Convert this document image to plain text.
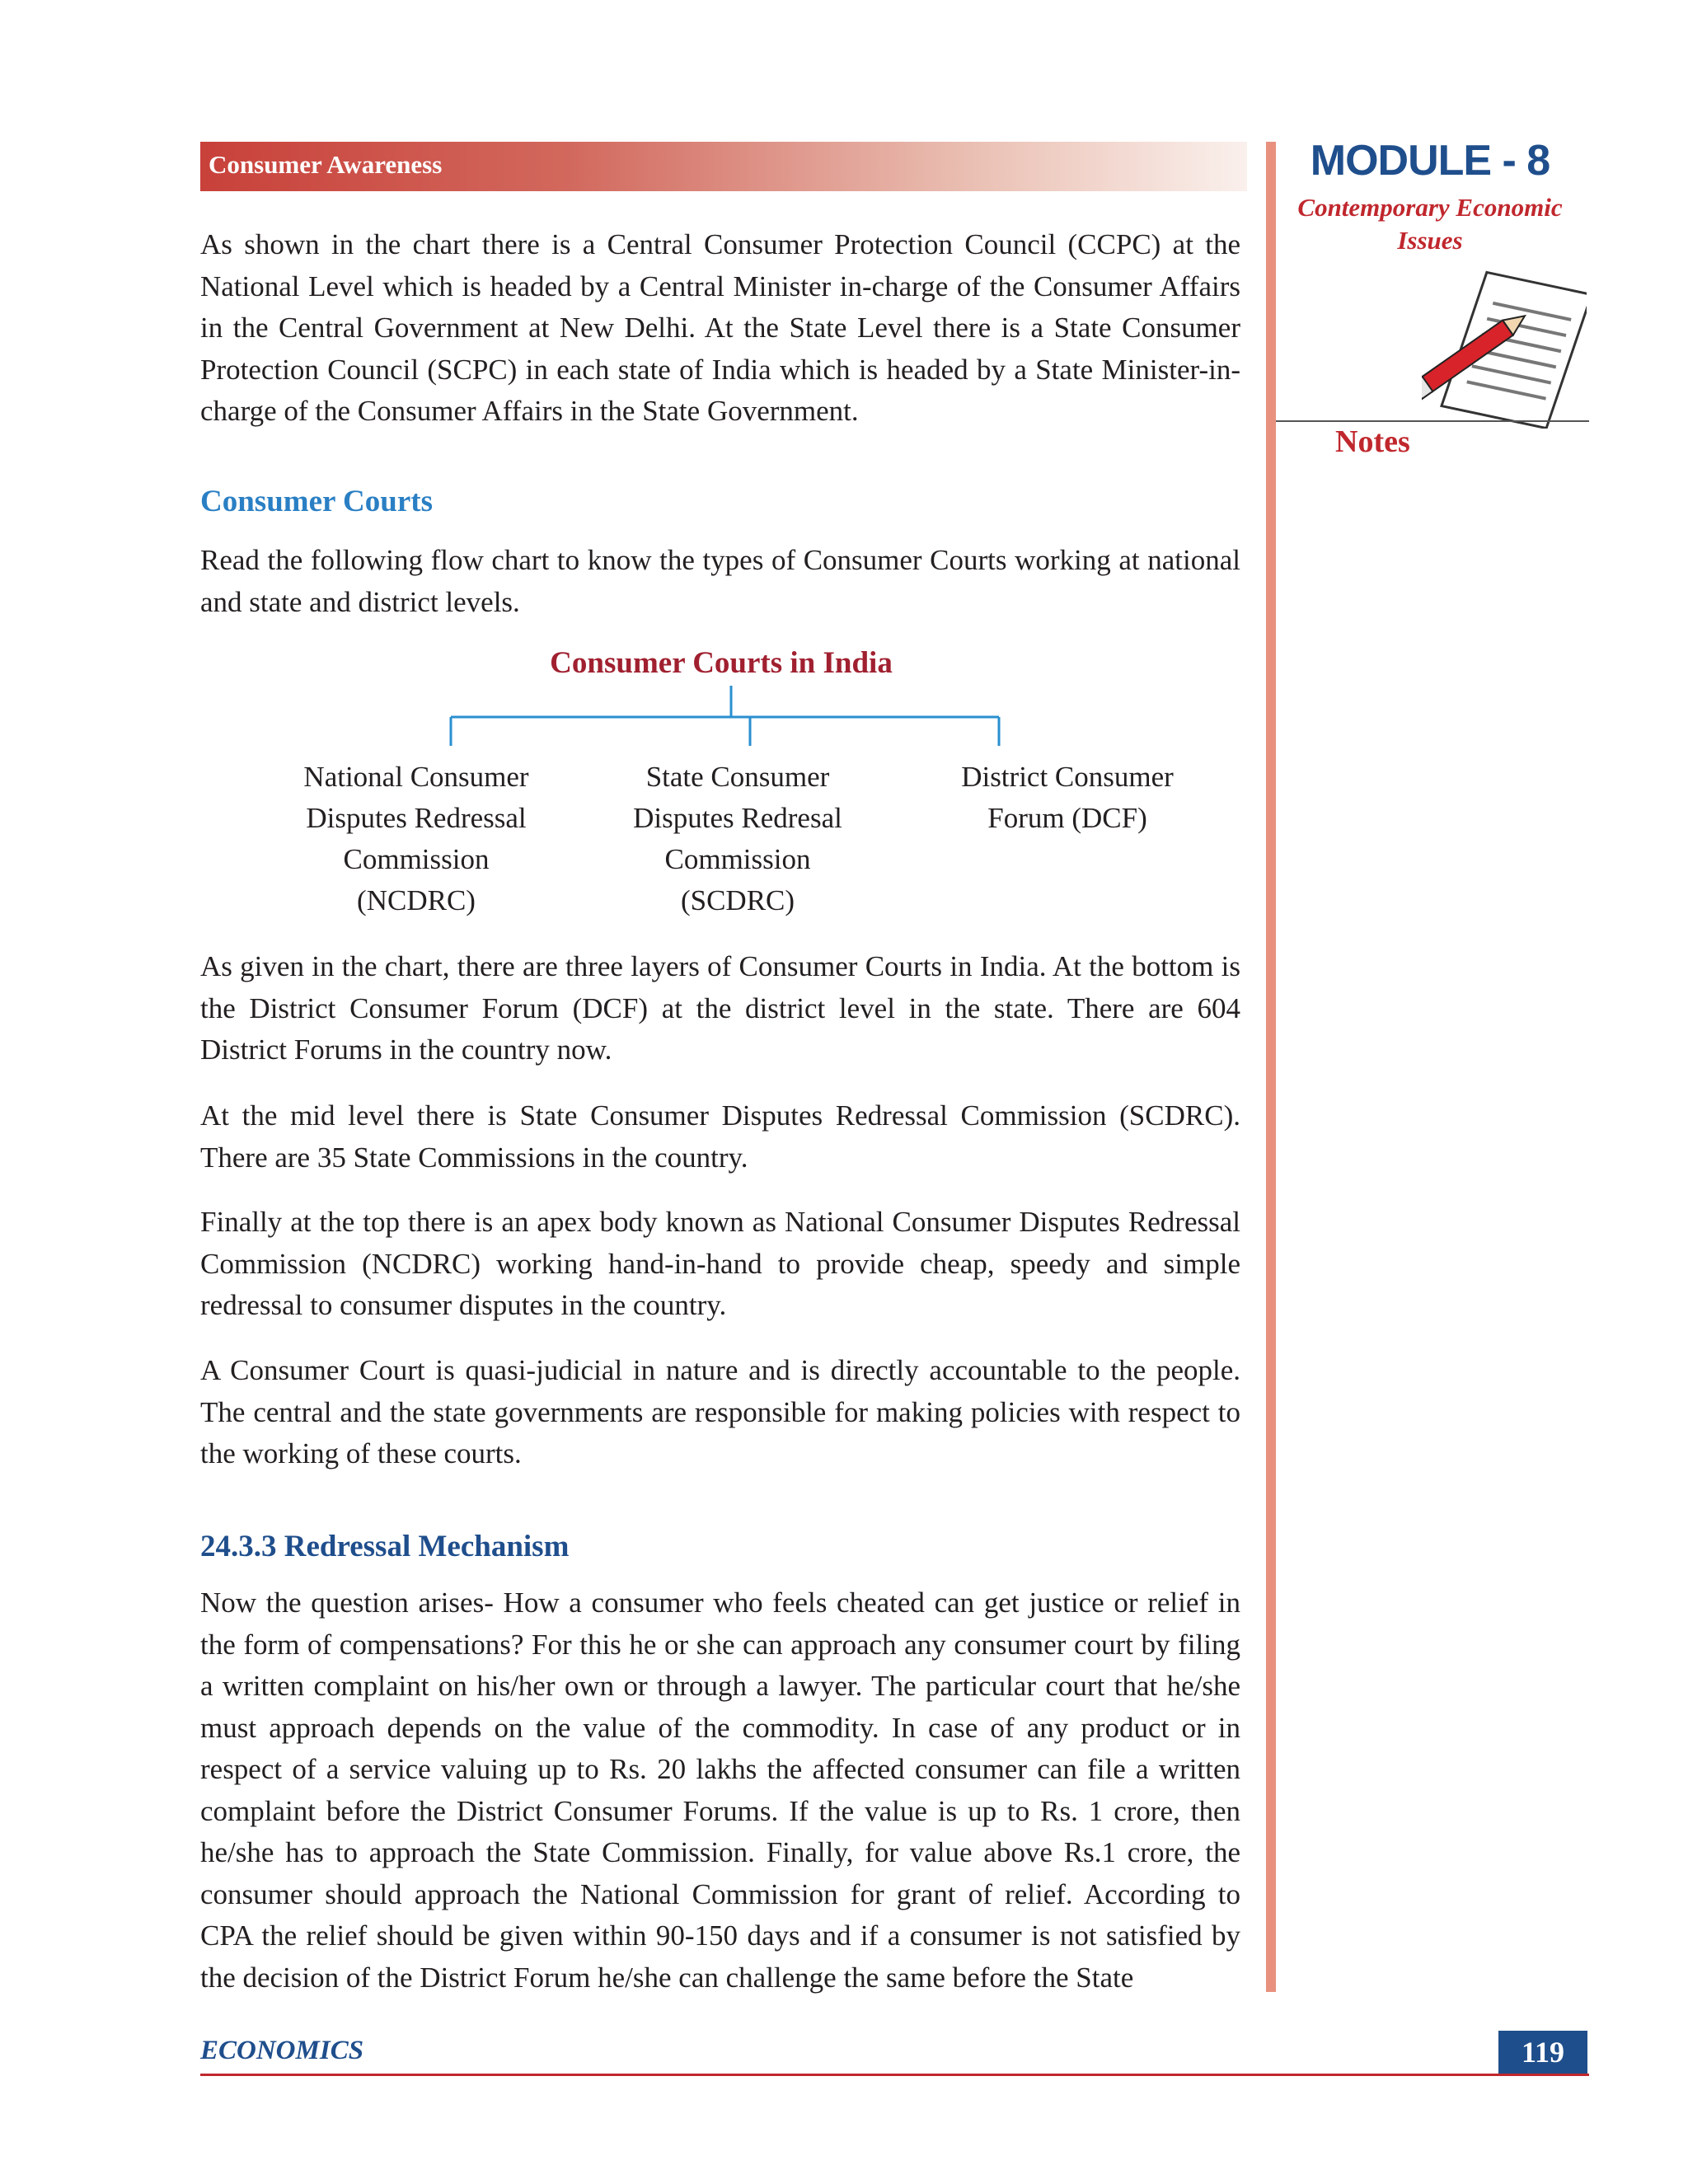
Consumer Awareness	MODULE - 8
Contemporary Economic Issues
Notes

As shown in the chart there is a Central Consumer Protection Council (CCPC) at the National Level which is headed by a Central Minister in-charge of the Consumer Affairs in the Central Government at New Delhi. At the State Level there is a State Consumer Protection Council (SCPC) in each state of India which is headed by a State Minister-in-charge of the Consumer Affairs in the State Government.

Consumer Courts

Read the following flow chart to know the types of Consumer Courts working at national and state and district levels.

Consumer Courts in India
National Consumer
Disputes Redressal
Commission
(NCDRC)
State Consumer
Disputes Redresal
Commission
(SCDRC)
District Consumer
Forum (DCF)

As given in the chart, there are three layers of Consumer Courts in India. At the bottom is the District Consumer Forum (DCF) at the district level in the state. There are 604 District Forums in the country now.

At the mid level there is State Consumer Disputes Redressal Commission (SCDRC). There are 35 State Commissions in the country.

Finally at the top there is an apex body known as National Consumer Disputes Redressal Commission (NCDRC) working hand-in-hand to provide cheap, speedy and simple redressal to consumer disputes in the country.

A Consumer Court is quasi-judicial in nature and is directly accountable to the people. The central and the state governments are responsible for making policies with respect to the working of these courts.

24.3.3 Redressal Mechanism

Now the question arises- How a consumer who feels cheated can get justice or relief in the form of compensations? For this he or she can approach any consumer court by filing a written complaint on his/her own or through a lawyer. The particular court that he/she must approach depends on the value of the commodity. In case of any product or in respect of a service valuing up to Rs. 20 lakhs the affected consumer can file a written complaint before the District Consumer Forums. If the value is up to Rs. 1 crore, then he/she has to approach the State Commission. Finally, for value above Rs.1 crore, the consumer should approach the National Commission for grant of relief. According to CPA the relief should be given within 90-150 days and if a consumer is not satisfied by the decision of the District Forum he/she can challenge the same before the State

ECONOMICS	119
